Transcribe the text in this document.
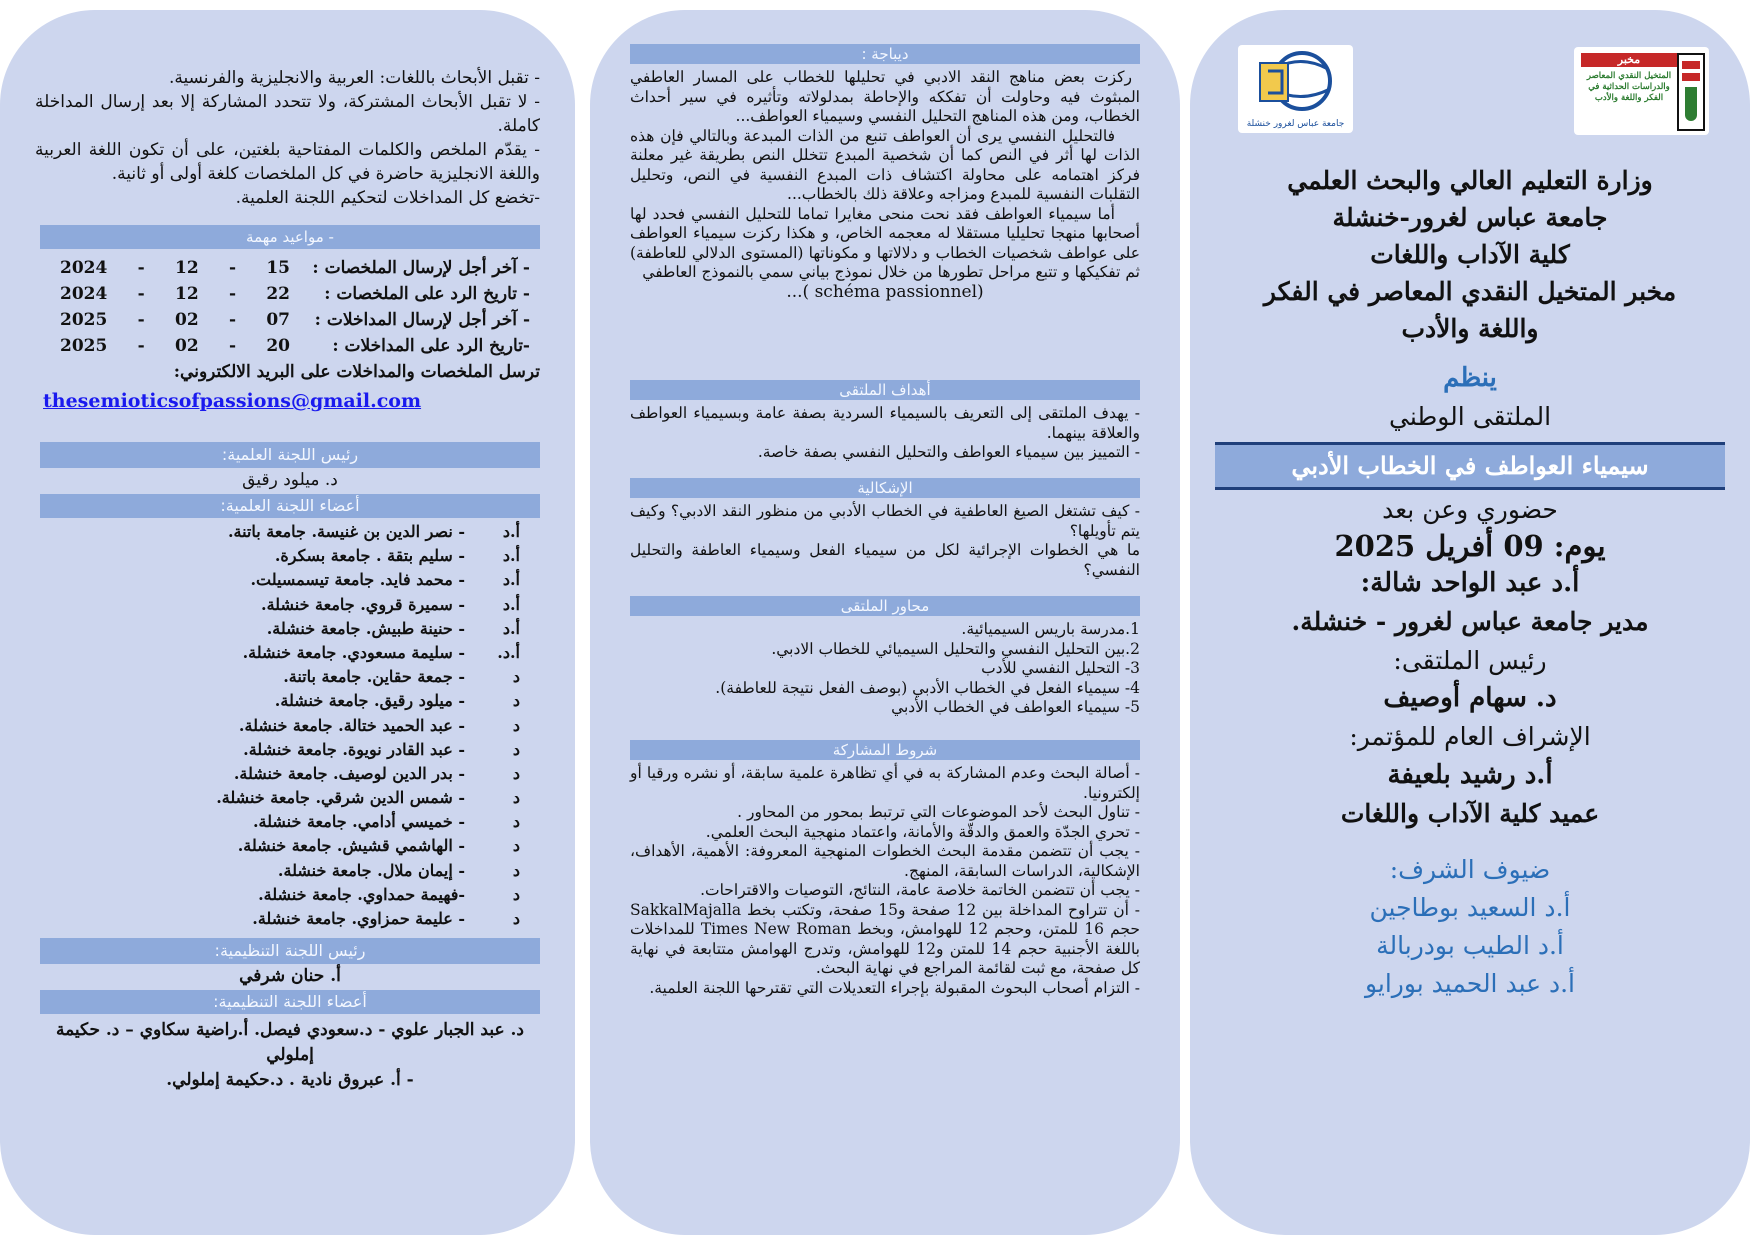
- تقبل الأبحاث باللغات: العربية والانجليزية والفرنسية.

- لا تقبل الأبحاث المشتركة، ولا تتحدد المشاركة إلا بعد إرسال المداخلة كاملة.

- يقدّم الملخص والكلمات المفتاحية بلغتين، على أن تكون اللغة العربية واللغة الانجليزية حاضرة في كل الملخصات كلغة أولى أو ثانية.

-تخضع كل المداخلات لتحكيم اللجنة العلمية.

- مواعيد مهمة
- آخر أجل لإرسال الملخصات :
2024 - 12 - 15
- تاريخ الرد على الملخصات :
2024 - 12 - 22
- آخر أجل لإرسال المداخلات :
2025 - 02 - 07
-تاريخ الرد على المداخلات :
2025 - 02 - 20
ترسل الملخصات والمداخلات على البريد الالكتروني:
thesemioticsofpassions@gmail.com
رئيس اللجنة العلمية:
د. ميلود رقيق
أعضاء اللجنة العلمية:
أ.د
- نصر الدين بن غنيسة. جامعة باتنة.
أ.د
- سليم بتقة . جامعة بسكرة.
أ.د
- محمد فايد. جامعة تيسمسيلت.
أ.د
- سميرة قروي. جامعة خنشلة.
أ.د
- حنينة طبيش. جامعة خنشلة.
أ.د.
- سليمة مسعودي. جامعة خنشلة.
د
- جمعة حقاين. جامعة باتنة.
د
- ميلود رقيق. جامعة خنشلة.
د
- عبد الحميد ختالة. جامعة خنشلة.
د
- عبد القادر نويوة. جامعة خنشلة.
د
- بدر الدين لوصيف. جامعة خنشلة.
د
- شمس الدين شرقي. جامعة خنشلة.
د
- خميسي أدامي. جامعة خنشلة.
د
- الهاشمي قشيش. جامعة خنشلة.
د
- إيمان ملال. جامعة خنشلة.
د
-فهيمة حمداوي. جامعة خنشلة.
د
- عليمة حمزاوي. جامعة خنشلة.
رئيس اللجنة التنظيمية:
أ. حنان شرفي
أعضاء اللجنة التنظيمية:
د. عبد الجبار علوي - د.سعودي فيصل. أ.راضية سكاوي – د. حكيمة إملولي
- أ. عبروق نادية . د.حكيمة إملولي.
ديباجة :

ركزت بعض مناهج النقد الادبي في تحليلها للخطاب على المسار العاطفي المبثوث فيه وحاولت أن تفككه والإحاطة بمدلولاته وتأثيره في سير أحداث الخطاب، ومن هذه المناهج التحليل النفسي وسيمياء العواطف...

فالتحليل النفسي يرى أن العواطف تنبع من الذات المبدعة وبالتالي فإن هذه الذات لها أثر في النص كما أن شخصية المبدع تتخلل النص بطريقة غير معلنة فركز اهتمامه على محاولة اكتشاف ذات المبدع النفسية في النص، وتحليل التقلبات النفسية للمبدع ومزاجه وعلاقة ذلك بالخطاب...

أما سيمياء العواطف فقد نحت منحى مغايرا تماما للتحليل النفسي فحدد لها أصحابها منهجا تحليليا مستقلا له معجمه الخاص، و هكذا ركزت سيمياء العواطف على عواطف شخصيات الخطاب و دلالاتها و مكوناتها (المستوى الدلالي للعاطفة) ثم تفكيكها و تتبع مراحل تطورها من خلال نموذج بياني سمي بالنموذج العاطفي

(schéma passionnel )...

أهداف الملتقى

- يهدف الملتقى إلى التعريف بالسيمياء السردية بصفة عامة وبسيمياء العواطف والعلاقة بينهما.

- التمييز بين سيمياء العواطف والتحليل النفسي بصفة خاصة.

الإشكالية

- كيف تشتغل الصيغ العاطفية في الخطاب الأدبي من منظور النقد الادبي؟ وكيف يتم تأويلها؟

ما هي الخطوات الإجرائية لكل من سيمياء الفعل وسيمياء العاطفة والتحليل النفسي؟

محاور الملتقى

1.مدرسة باريس السيميائية.

2.بين التحليل النفسي والتحليل السيميائي للخطاب الادبي.

3- التحليل النفسي للأدب

4- سيمياء الفعل في الخطاب الأدبي (بوصف الفعل نتيجة للعاطفة).

5- سيمياء العواطف في الخطاب الأدبي

شروط المشاركة

- أصالة البحث وعدم المشاركة به في أي تظاهرة علمية سابقة، أو نشره ورقيا أو إلكترونيا.

- تناول البحث لأحد الموضوعات التي ترتبط بمحور من المحاور .

- تحري الجدّة والعمق والدقّة والأمانة، واعتماد منهجية البحث العلمي.

- يجب أن تتضمن مقدمة البحث الخطوات المنهجية المعروفة: الأهمية، الأهداف، الإشكالية، الدراسات السابقة، المنهج.

- يجب أن تتضمن الخاتمة خلاصة عامة، النتائج، التوصيات والاقتراحات.

- أن تتراوح المداخلة بين 12 صفحة و15 صفحة، وتكتب بخط SakkalMajalla حجم 16 للمتن، وحجم 12 للهوامش، وبخط Times New Roman للمداخلات باللغة الأجنبية حجم 14 للمتن و12 للهوامش، وتدرج الهوامش متتابعة في نهاية كل صفحة، مع ثبت لقائمة المراجع في نهاية البحث.

- التزام أصحاب البحوث المقبولة بإجراء التعديلات التي تقترحها اللجنة العلمية.

جامعة عباس لغرور خنشلة
مخبر
المتخيل النقدي المعاصر والدراسات الحداثية في الفكر واللغة والأدب
وزارة التعليم العالي والبحث العلمي
جامعة عباس لغرور-خنشلة
كلية الآداب واللغات
مخبر المتخيل النقدي المعاصر في الفكر
واللغة والأدب
ينظم
الملتقى الوطني
سيمياء العواطف في الخطاب الأدبي
حضوري وعن بعد
يوم: 09 أفريل 2025
أ.د عبد الواحد شالة:
مدير جامعة عباس لغرور - خنشلة.
رئيس الملتقى:
د. سهام أوصيف
الإشراف العام للمؤتمر:
أ.د رشيد بلعيفة
عميد كلية الآداب واللغات
ضيوف الشرف:
أ.د السعيد بوطاجين
أ.د الطيب بودربالة
أ.د عبد الحميد بورايو
